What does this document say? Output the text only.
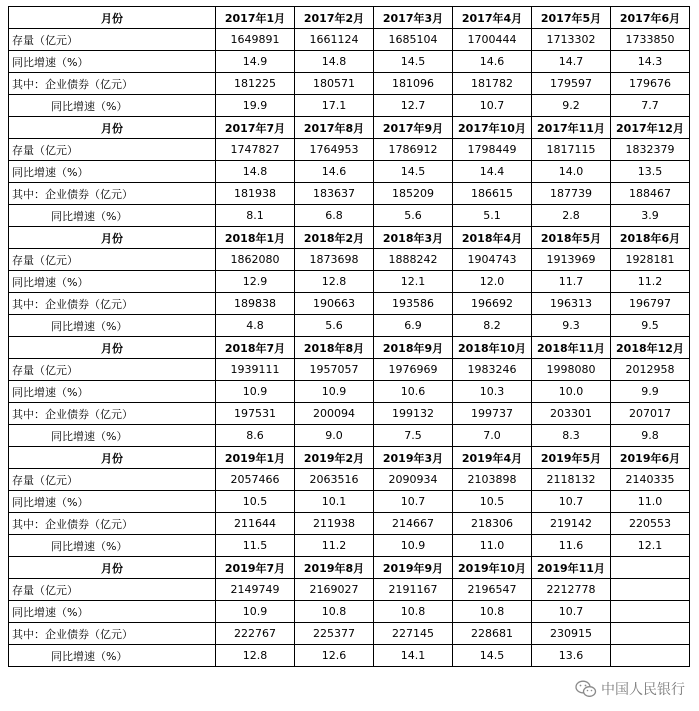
月份	2017年1月	2017年2月	2017年3月	2017年4月	2017年5月	2017年6月
存量（亿元）	1649891	1661124	1685104	1700444	1713302	1733850
同比增速（%）	14.9	14.8	14.5	14.6	14.7	14.3
其中：企业债券（亿元）	181225	180571	181096	181782	179597	179676
同比增速（%）	19.9	17.1	12.7	10.7	9.2	7.7
月份	2017年7月	2017年8月	2017年9月	2017年10月	2017年11月	2017年12月
存量（亿元）	1747827	1764953	1786912	1798449	1817115	1832379
同比增速（%）	14.8	14.6	14.5	14.4	14.0	13.5
其中：企业债券（亿元）	181938	183637	185209	186615	187739	188467
同比增速（%）	8.1	6.8	5.6	5.1	2.8	3.9
月份	2018年1月	2018年2月	2018年3月	2018年4月	2018年5月	2018年6月
存量（亿元）	1862080	1873698	1888242	1904743	1913969	1928181
同比增速（%）	12.9	12.8	12.1	12.0	11.7	11.2
其中：企业债券（亿元）	189838	190663	193586	196692	196313	196797
同比增速（%）	4.8	5.6	6.9	8.2	9.3	9.5
月份	2018年7月	2018年8月	2018年9月	2018年10月	2018年11月	2018年12月
存量（亿元）	1939111	1957057	1976969	1983246	1998080	2012958
同比增速（%）	10.9	10.9	10.6	10.3	10.0	9.9
其中：企业债券（亿元）	197531	200094	199132	199737	203301	207017
同比增速（%）	8.6	9.0	7.5	7.0	8.3	9.8
月份	2019年1月	2019年2月	2019年3月	2019年4月	2019年5月	2019年6月
存量（亿元）	2057466	2063516	2090934	2103898	2118132	2140335
同比增速（%）	10.5	10.1	10.7	10.5	10.7	11.0
其中：企业债券（亿元）	211644	211938	214667	218306	219142	220553
同比增速（%）	11.5	11.2	10.9	11.0	11.6	12.1
月份	2019年7月	2019年8月	2019年9月	2019年10月	2019年11月	
存量（亿元）	2149749	2169027	2191167	2196547	2212778	
同比增速（%）	10.9	10.8	10.8	10.8	10.7	
其中：企业债券（亿元）	222767	225377	227145	228681	230915	
同比增速（%）	12.8	12.6	14.1	14.5	13.6	
中国人民银行
